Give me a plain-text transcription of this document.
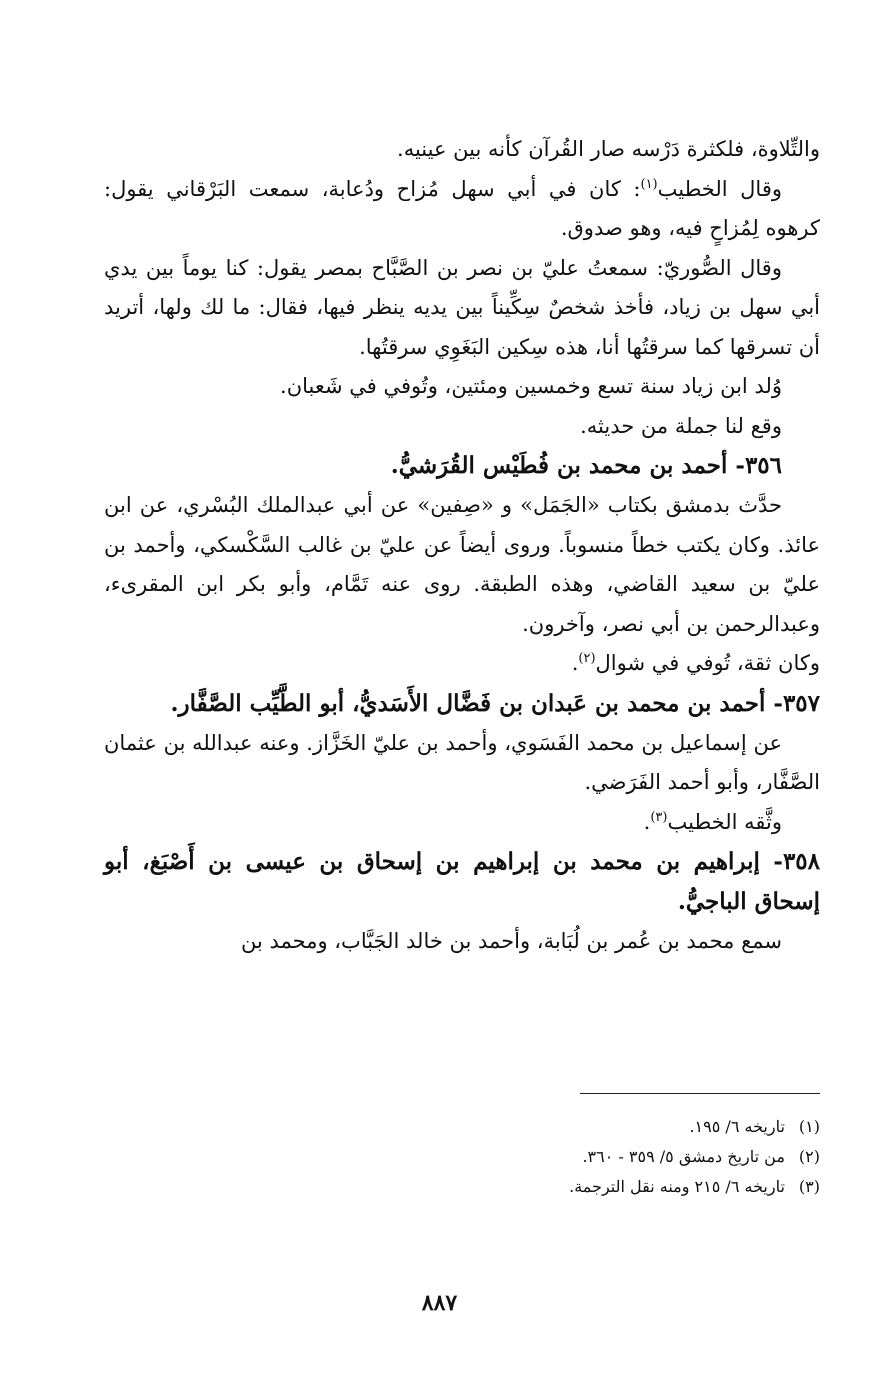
والتِّلاوة، فلكثرة دَرْسه صار القُرآن كأنه بين عينيه.

وقال الخطيب$^{(١)}$: كان في أبي سهل مُزاح ودُعابة، سمعت البَرْقاني يقول: كرهوه لِمُزاحٍ فيه، وهو صدوق.

وقال الصُّوريّ: سمعتُ عليّ بن نصر بن الصَّبَّاح بمصر يقول: كنا يوماً بين يدي أبي سهل بن زياد، فأخذ شخصٌ سِكِّيناً بين يديه ينظر فيها، فقال: ما لك ولها، أتريد أن تسرقها كما سرقتُها أنا، هذه سِكين البَغَوِي سرقتُها.

وُلد ابن زياد سنة تسع وخمسين ومئتين، وتُوفي في شَعبان.

وقع لنا جملة من حديثه.

٣٥٦- أحمد بن محمد بن فُطَيْس القُرَشيُّ.

حدَّث بدمشق بكتاب «الجَمَل» و «صِفين» عن أبي عبدالملك البُسْري، عن ابن عائذ. وكان يكتب خطاً منسوباً. وروى أيضاً عن عليّ بن غالب السَّكْسكي، وأحمد بن عليّ بن سعيد القاضي، وهذه الطبقة. روى عنه تَمَّام، وأبو بكر ابن المقرىء، وعبدالرحمن بن أبي نصر، وآخرون.

وكان ثقة، تُوفي في شوال$^{(٢)}$.

٣٥٧- أحمد بن محمد بن عَبدان بن فَضَّال الأَسَديُّ، أبو الطَّيِّب الصَّفَّار.

عن إسماعيل بن محمد الفَسَوي، وأحمد بن عليّ الخَزَّاز. وعنه عبدالله بن عثمان الصَّفَّار، وأبو أحمد الفَرَضي.

وثَّقه الخطيب$^{(٣)}$.

٣٥٨- إبراهيم بن محمد بن إبراهيم بن إسحاق بن عيسى بن أَصْبَغ، أبو إسحاق الباجيُّ.

سمع محمد بن عُمر بن لُبَابة، وأحمد بن خالد الجَبَّاب، ومحمد بن

(١)
تاريخه ٦/ ١٩٥.
(٢)
من تاريخ دمشق ٥/ ٣٥٩ - ٣٦٠.
(٣)
تاريخه ٦/ ٢١٥ ومنه نقل الترجمة.
٨٨٧
